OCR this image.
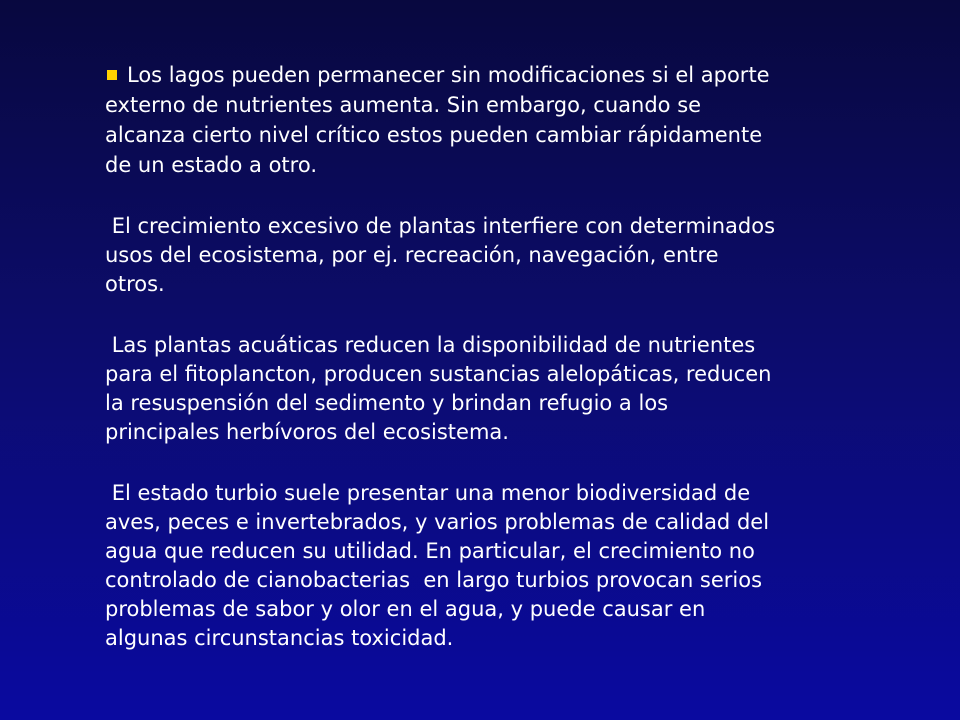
Los lagos pueden permanecer sin modificaciones si el aporte
externo de nutrientes aumenta. Sin embargo, cuando se
alcanza cierto nivel crítico estos pueden cambiar rápidamente
de un estado a otro.

El crecimiento excesivo de plantas interfiere con determinados
usos del ecosistema, por ej. recreación, navegación, entre
otros.

Las plantas acuáticas reducen la disponibilidad de nutrientes
para el fitoplancton, producen sustancias alelopáticas, reducen
la resuspensión del sedimento y brindan refugio a los
principales herbívoros del ecosistema.

El estado turbio suele presentar una menor biodiversidad de
aves, peces e invertebrados, y varios problemas de calidad del
agua que reducen su utilidad. En particular, el crecimiento no
controlado de cianobacterias  en largo turbios provocan serios
problemas de sabor y olor en el agua, y puede causar en
algunas circunstancias toxicidad.
